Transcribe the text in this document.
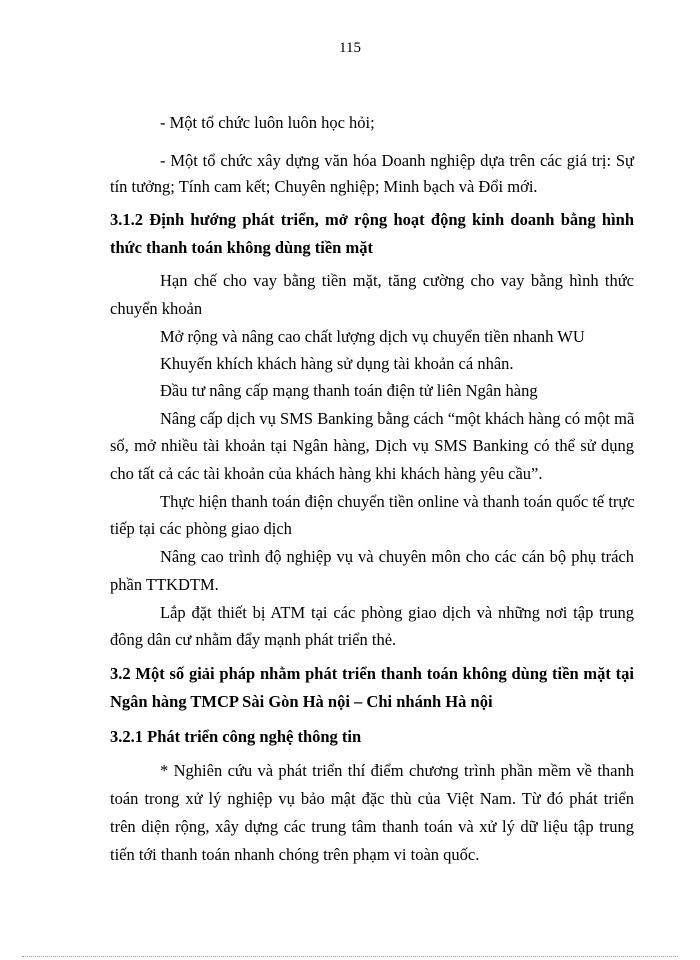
115
- Một tổ chức luôn luôn học hỏi;
- Một tổ chức xây dựng văn hóa Doanh nghiệp dựa trên các giá trị: Sự
tín tưởng; Tính cam kết; Chuyên nghiệp; Minh bạch và Đổi mới.
3.1.2 Định hướng phát triển, mở rộng hoạt động kinh doanh bằng hình
thức thanh toán không dùng tiền mặt
Hạn chế cho vay bằng tiền mặt, tăng cường cho vay bằng hình thức
chuyển khoản
Mở rộng và nâng cao chất lượng dịch vụ chuyển tiền nhanh WU
Khuyến khích khách hàng sử dụng tài khoản cá nhân.
Đầu tư nâng cấp mạng thanh toán điện tử liên Ngân hàng
Nâng cấp dịch vụ SMS Banking bằng cách “một khách hàng có một mã
số, mở nhiều tài khoản tại Ngân hàng, Dịch vụ SMS Banking có thể sử dụng
cho tất cả các tài khoản của khách hàng khi khách hàng yêu cầu”.
Thực hiện thanh toán điện chuyển tiền online và thanh toán quốc tế trực
tiếp tại các phòng giao dịch
Nâng cao trình độ nghiệp vụ và chuyên môn cho các cán bộ phụ trách
phần TTKDTM.
Lắp đặt thiết bị ATM tại các phòng giao dịch và những nơi tập trung
đông dân cư nhằm đẩy mạnh phát triển thẻ.
3.2 Một số giải pháp nhằm phát triển thanh toán không dùng tiền mặt tại
Ngân hàng TMCP Sài Gòn Hà nội – Chi nhánh Hà nội
3.2.1 Phát triển công nghệ thông tin
* Nghiên cứu và phát triển thí điểm chương trình phần mềm về thanh
toán trong xử lý nghiệp vụ bảo mật đặc thù của Việt Nam. Từ đó phát triển
trên diện rộng, xây dựng các trung tâm thanh toán và xử lý dữ liệu tập trung
tiến tới thanh toán nhanh chóng trên phạm vi toàn quốc.
